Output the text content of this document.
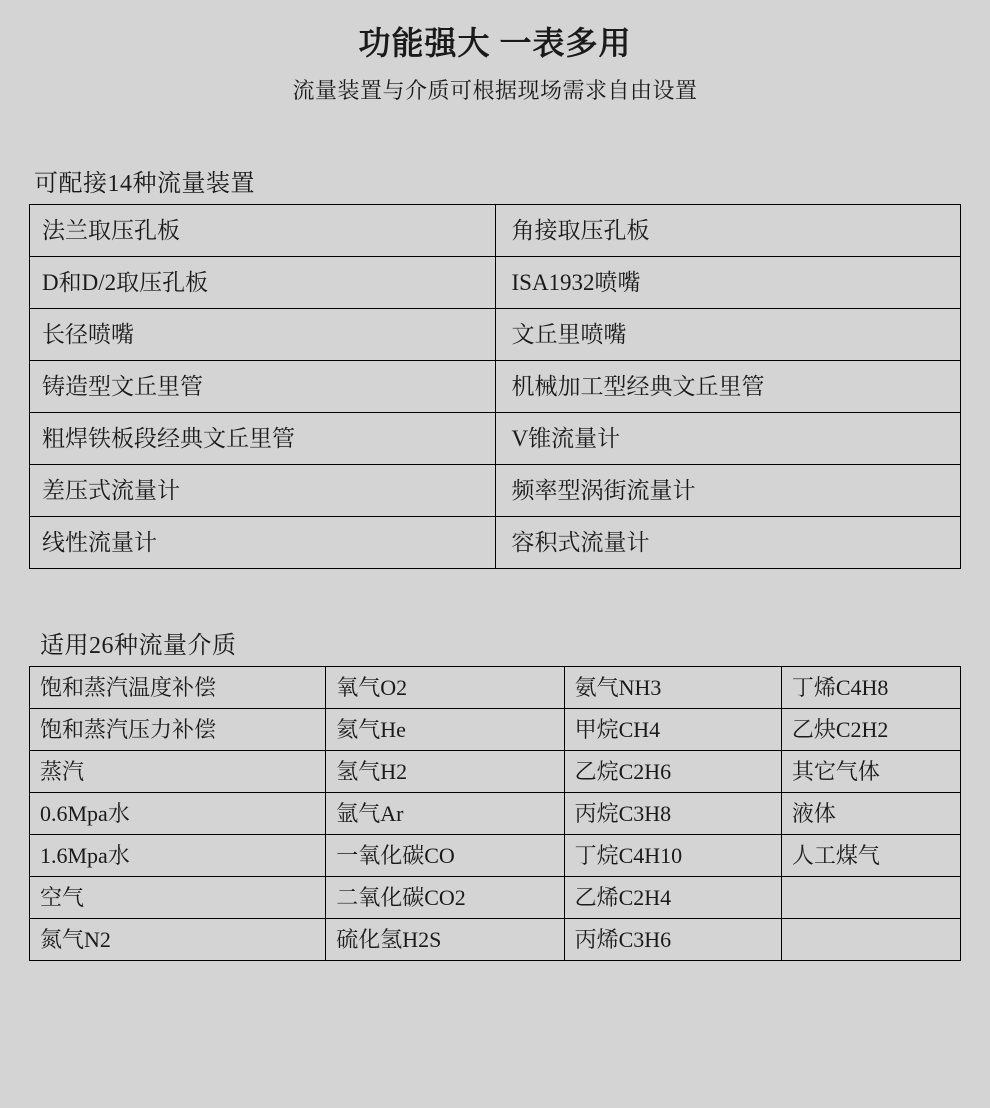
功能强大 一表多用
流量装置与介质可根据现场需求自由设置
可配接14种流量装置
法兰取压孔板	角接取压孔板
D和D/2取压孔板	ISA1932喷嘴
长径喷嘴	文丘里喷嘴
铸造型文丘里管	机械加工型经典文丘里管
粗焊铁板段经典文丘里管	V锥流量计
差压式流量计	频率型涡街流量计
线性流量计	容积式流量计
适用26种流量介质
饱和蒸汽温度补偿	氧气O2	氨气NH3	丁烯C4H8
饱和蒸汽压力补偿	氦气He	甲烷CH4	乙炔C2H2
蒸汽	氢气H2	乙烷C2H6	其它气体
0.6Mpa水	氩气Ar	丙烷C3H8	液体
1.6Mpa水	一氧化碳CO	丁烷C4H10	人工煤气
空气	二氧化碳CO2	乙烯C2H4	
氮气N2	硫化氢H2S	丙烯C3H6	
